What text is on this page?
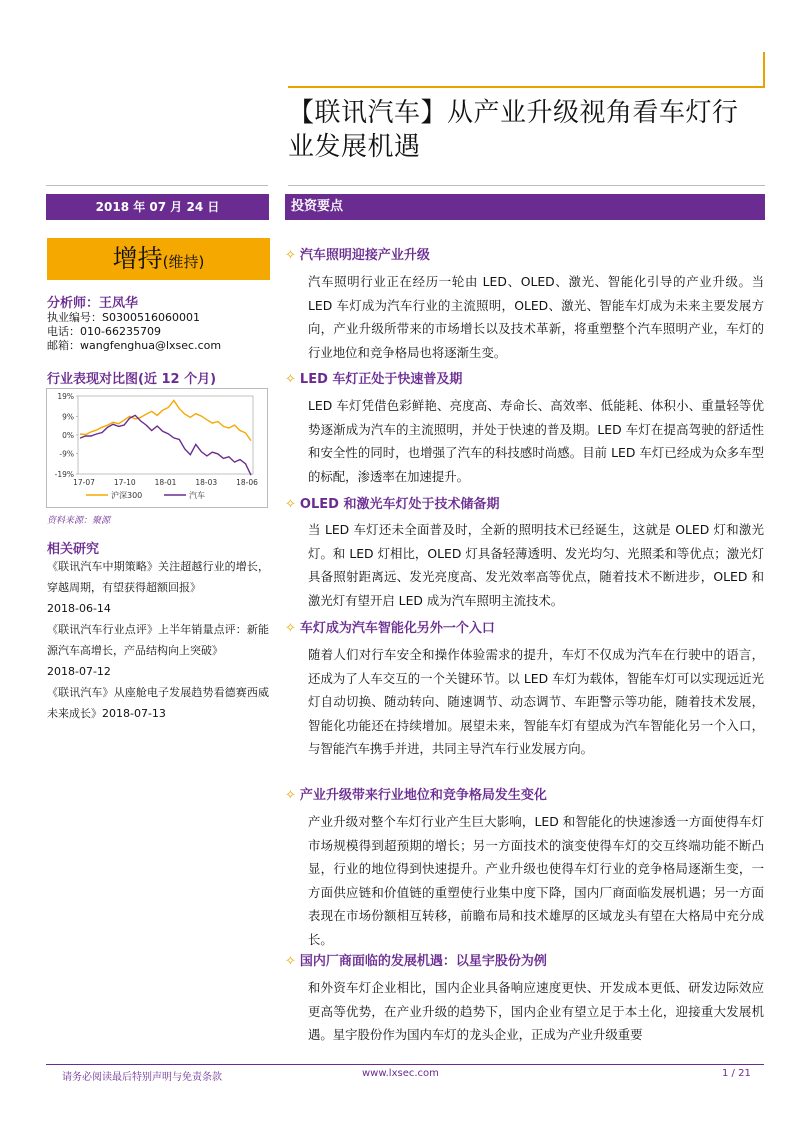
【联讯汽车】从产业升级视角看车灯行业发展机遇
2018 年 07 月 24 日	投资要点
增持(维持)
分析师：王凤华
执业编号：S0300516060001
电话：010-66235709
邮箱：wangfenghua@lxsec.com
行业表现对比图(近 12 个月)
19%
9%
0%
-9%
-19%
17-07	17-10	18-01	18-03	18-06
沪深300	汽车
资料来源：聚源
相关研究
《联讯汽车中期策略》关注超越行业的增长，穿越周期，有望获得超额回报》
2018-06-14
《联讯汽车行业点评》上半年销量点评：新能源汽车高增长，产品结构向上突破》
2018-07-12
《联讯汽车》从座舱电子发展趋势看德赛西威未来成长》2018-07-13
✧ 汽车照明迎接产业升级
汽车照明行业正在经历一轮由 LED、OLED、激光、智能化引导的产业升级。当 LED 车灯成为汽车行业的主流照明，OLED、激光、智能车灯成为未来主要发展方向，产业升级所带来的市场增长以及技术革新，将重塑整个汽车照明产业，车灯的行业地位和竞争格局也将逐渐生变。
✧ LED 车灯正处于快速普及期
LED 车灯凭借色彩鲜艳、亮度高、寿命长、高效率、低能耗、体积小、重量轻等优势逐渐成为汽车的主流照明，并处于快速的普及期。LED 车灯在提高驾驶的舒适性和安全性的同时，也增强了汽车的科技感时尚感。目前 LED 车灯已经成为众多车型的标配，渗透率在加速提升。
✧ OLED 和激光车灯处于技术储备期
当 LED 车灯还未全面普及时，全新的照明技术已经诞生，这就是 OLED 灯和激光灯。和 LED 灯相比，OLED 灯具备轻薄透明、发光均匀、光照柔和等优点；激光灯具备照射距离远、发光亮度高、发光效率高等优点，随着技术不断进步，OLED 和激光灯有望开启 LED 成为汽车照明主流技术。
✧ 车灯成为汽车智能化另外一个入口
随着人们对行车安全和操作体验需求的提升，车灯不仅成为汽车在行驶中的语言，还成为了人车交互的一个关键环节。以 LED 车灯为载体，智能车灯可以实现远近光灯自动切换、随动转向、随速调节、动态调节、车距警示等功能，随着技术发展，智能化功能还在持续增加。展望未来，智能车灯有望成为汽车智能化另一个入口，与智能汽车携手并进，共同主导汽车行业发展方向。
✧ 产业升级带来行业地位和竞争格局发生变化
产业升级对整个车灯行业产生巨大影响，LED 和智能化的快速渗透一方面使得车灯市场规模得到超预期的增长；另一方面技术的演变使得车灯的交互终端功能不断凸显，行业的地位得到快速提升。产业升级也使得车灯行业的竞争格局逐渐生变，一方面供应链和价值链的重塑使行业集中度下降，国内厂商面临发展机遇；另一方面表现在市场份额相互转移，前瞻布局和技术雄厚的区域龙头有望在大格局中充分成长。
✧ 国内厂商面临的发展机遇：以星宇股份为例
和外资车灯企业相比，国内企业具备响应速度更快、开发成本更低、研发边际效应更高等优势，在产业升级的趋势下，国内企业有望立足于本土化，迎接重大发展机遇。星宇股份作为国内车灯的龙头企业，正成为产业升级重要
请务必阅读最后特别声明与免责条款	www.lxsec.com	1 / 21
